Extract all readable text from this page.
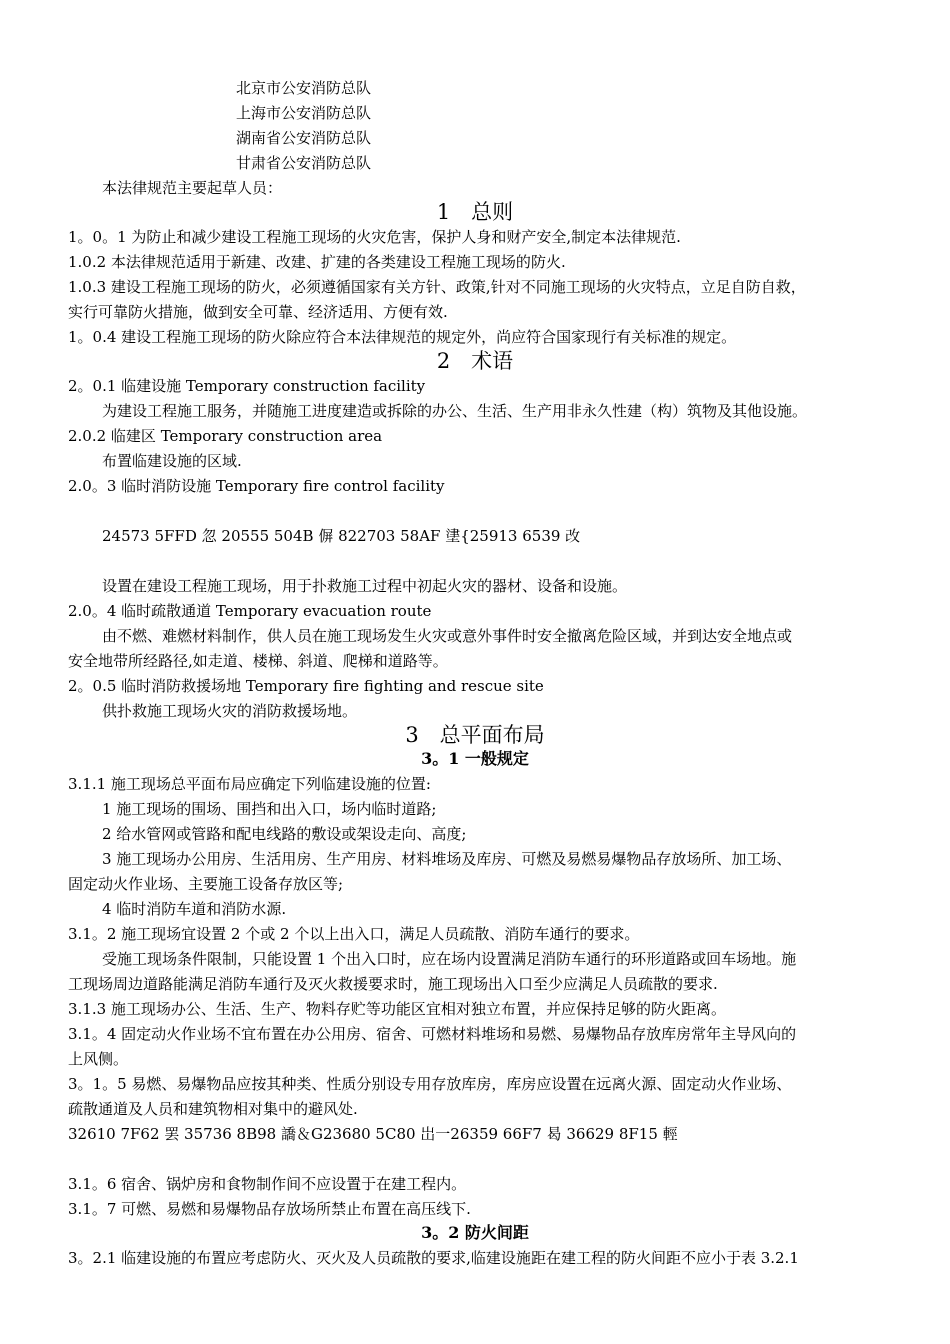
北京市公安消防总队
上海市公安消防总队
湖南省公安消防总队
甘肃省公安消防总队
本法律规范主要起草人员：
1　总则
1。0。1 为防止和减少建设工程施工现场的火灾危害，保护人身和财产安全,制定本法律规范.
1.0.2 本法律规范适用于新建、改建、扩建的各类建设工程施工现场的防火.
1.0.3 建设工程施工现场的防火，必须遵循国家有关方针、政策,针对不同施工现场的火灾特点，立足自防自救，
实行可靠防火措施，做到安全可靠、经济适用、方便有效.
1。0.4 建设工程施工现场的防火除应符合本法律规范的规定外，尚应符合国家现行有关标准的规定。
2　术语
2。0.1 临建设施 Temporary construction facility
为建设工程施工服务，并随施工进度建造或拆除的办公、生活、生产用非永久性建（构）筑物及其他设施。
2.0.2 临建区 Temporary construction area
布置临建设施的区域.
2.0。3 临时消防设施 Temporary fire control facility
24573 5FFD 忽 20555 504B 偋 822703 58AF 堻{25913 6539 改
设置在建设工程施工现场，用于扑救施工过程中初起火灾的器材、设备和设施。
2.0。4 临时疏散通道 Temporary evacuation route
由不燃、难燃材料制作，供人员在施工现场发生火灾或意外事件时安全撤离危险区域，并到达安全地点或
安全地带所经路径,如走道、楼梯、斜道、爬梯和道路等。
2。0.5 临时消防救援场地 Temporary fire fighting and rescue site
供扑救施工现场火灾的消防救援场地。
3　总平面布局
3。1 一般规定
3.1.1 施工现场总平面布局应确定下列临建设施的位置:
1 施工现场的围场、围挡和出入口，场内临时道路;
2 给水管网或管路和配电线路的敷设或架设走向、高度;
3 施工现场办公用房、生活用房、生产用房、材料堆场及库房、可燃及易燃易爆物品存放场所、加工场、
固定动火作业场、主要施工设备存放区等;
4 临时消防车道和消防水源.
3.1。2 施工现场宜设置 2 个或 2 个以上出入口，满足人员疏散、消防车通行的要求。
受施工现场条件限制，只能设置 1 个出入口时，应在场内设置满足消防车通行的环形道路或回车场地。施
工现场周边道路能满足消防车通行及灭火救援要求时，施工现场出入口至少应满足人员疏散的要求.
3.1.3 施工现场办公、生活、生产、物料存贮等功能区宜相对独立布置，并应保持足够的防火距离。
3.1。4 固定动火作业场不宜布置在办公用房、宿舍、可燃材料堆场和易燃、易爆物品存放库房常年主导风向的
上风侧。
3。1。5 易燃、易爆物品应按其种类、性质分别设专用存放库房，库房应设置在远离火源、固定动火作业场、
疏散通道及人员和建筑物相对集中的避风处.
32610 7F62 罢 35736 8B98 譑＆G23680 5C80 岀一26359 66F7 曷 36629 8F15 輕
3.1。6 宿舍、锅炉房和食物制作间不应设置于在建工程内。
3.1。7 可燃、易燃和易爆物品存放场所禁止布置在高压线下.
3。2 防火间距
3。2.1 临建设施的布置应考虑防火、灭火及人员疏散的要求,临建设施距在建工程的防火间距不应小于表 3.2.1
